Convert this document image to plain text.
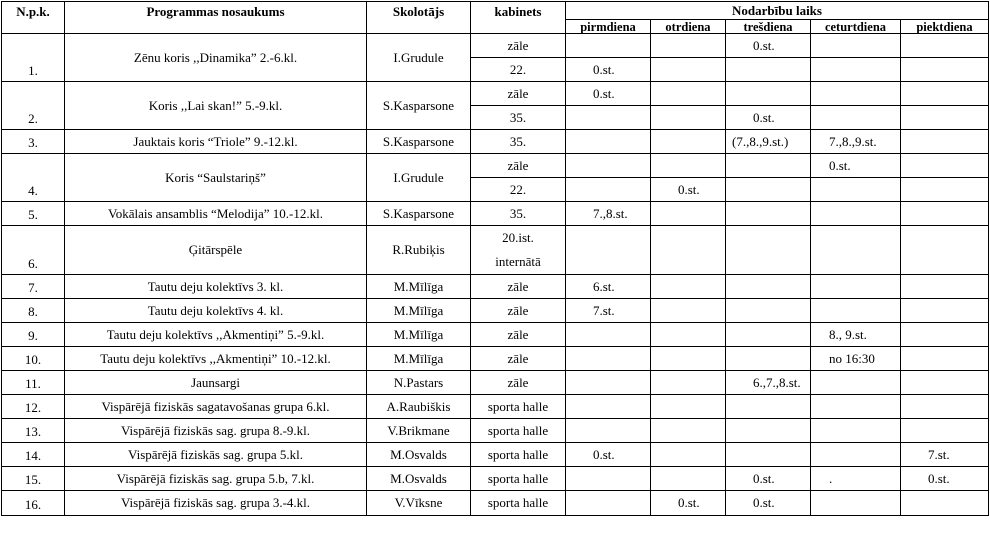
N.p.k.	Programmas nosaukums	Skolotājs	kabinets	Nodarbību laiks				
				pirmdiena	otrdiena	trešdiena	ceturtdiena	piektdiena
1.	Zēnu koris ,,Dinamika” 2.-6.kl.	I.Grudule	zāle			0.st.		
			22.	0.st.				
2.	Koris ,,Lai skan!” 5.-9.kl.	S.Kasparsone	zāle	0.st.				
			35.			0.st.		
3.	Jauktais koris “Triole” 9.-12.kl.	S.Kasparsone	35.			(7.,8.,9.st.)	7.,8.,9.st.	
4.	Koris “Saulstariņš”	I.Grudule	zāle				0.st.	
			22.		0.st.			
5.	Vokālais ansamblis “Melodija” 10.-12.kl.	S.Kasparsone	35.	7.,8.st.				
6.	Ģitārspēle	R.Rubiķis	20.ist.
internātā					
7.	Tautu deju kolektīvs 3. kl.	M.Mīlīga	zāle	6.st.				
8.	Tautu deju kolektīvs 4. kl.	M.Mīlīga	zāle	7.st.				
9.	Tautu deju kolektīvs ,,Akmentiņi” 5.-9.kl.	M.Mīlīga	zāle				8., 9.st.	
10.	Tautu deju kolektīvs ,,Akmentiņi” 10.-12.kl.	M.Mīlīga	zāle				no 16:30	
11.	Jaunsargi	N.Pastars	zāle			6.,7.,8.st.		
12.	Vispārējā fiziskās sagatavošanas grupa 6.kl.	A.Raubiškis	sporta halle					
13.	Vispārējā fiziskās sag. grupa 8.-9.kl.	V.Brikmane	sporta halle					
14.	Vispārējā fiziskās sag. grupa 5.kl.	M.Osvalds	sporta halle	0.st.				7.st.
15.	Vispārējā fiziskās sag. grupa 5.b, 7.kl.	M.Osvalds	sporta halle			0.st.	.	0.st.
16.	Vispārējā fiziskās sag. grupa 3.-4.kl.	V.Vīksne	sporta halle		0.st.	0.st.		
